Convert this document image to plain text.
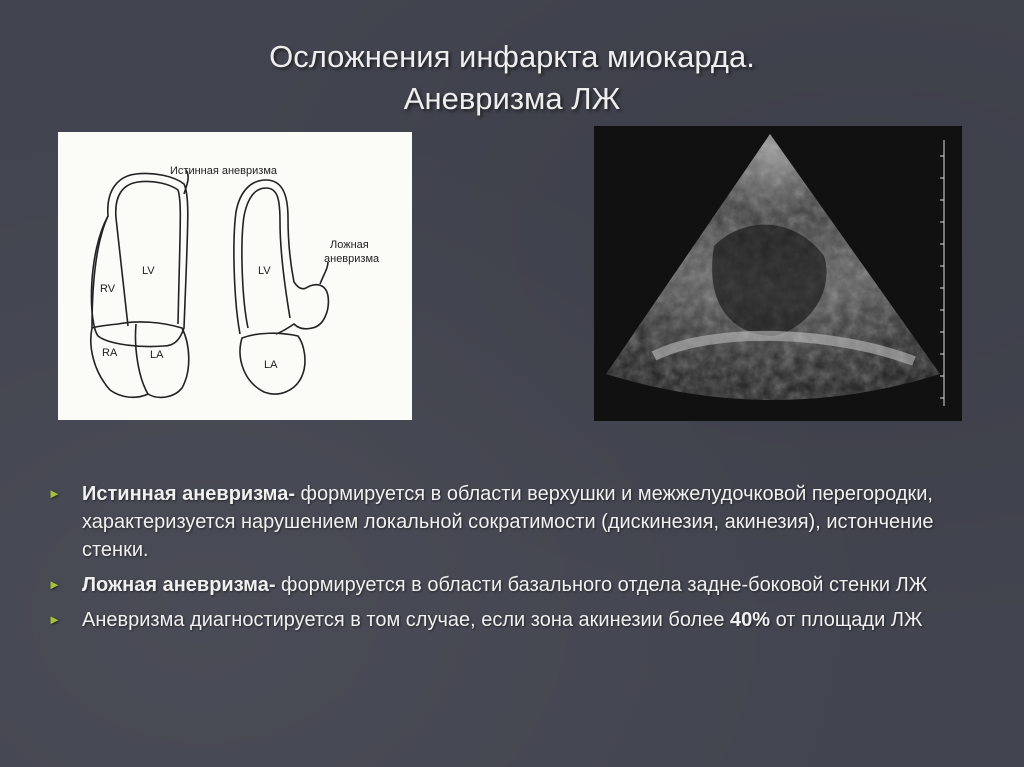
Осложнения инфаркта миокарда.
Аневризма ЛЖ
Истинная аневризма
Ложная
аневризма
LV
RV
RA	LA
LV
LA
► Истинная аневризма- формируется в области верхушки и межжелудочковой перегородки, характеризуется нарушением локальной сократимости (дискинезия, акинезия), истончение стенки.
► Ложная аневризма- формируется в области базального отдела задне-боковой стенки ЛЖ
► Аневризма диагностируется в том случае, если зона акинезии более 40% от площади ЛЖ
